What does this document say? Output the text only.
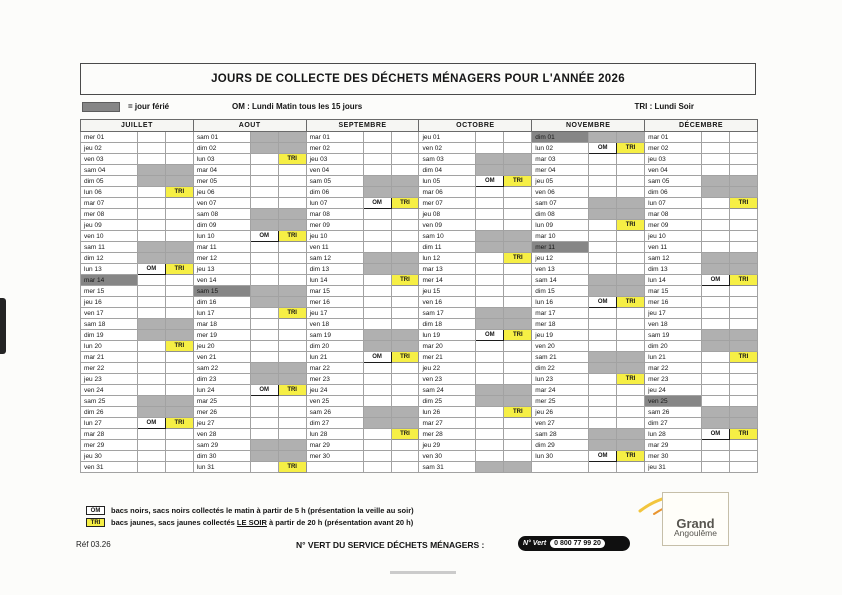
JOURS DE COLLECTE DES DÉCHETS MÉNAGERS POUR L'ANNÉE 2026
= jour férié	OM : Lundi Matin tous les 15 jours	TRI : Lundi Soir
JUILLET			AOUT			SEPTEMBRE			OCTOBRE			NOVEMBRE			DÉCEMBRE		
mer 01			sam 01			mar 01			jeu 01			dim 01			mar 01		
jeu 02			dim 02			mer 02			ven 02			lun 02	OM	TRI	mer 02		
ven 03			lun 03		TRI	jeu 03			sam 03			mar 03			jeu 03		
sam 04			mar 04			ven 04			dim 04			mer 04			ven 04		
dim 05			mer 05			sam 05			lun 05	OM	TRI	jeu 05			sam 05		
lun 06		TRI	jeu 06			dim 06			mar 06			ven 06			dim 06		
mar 07			ven 07			lun 07	OM	TRI	mer 07			sam 07			lun 07		TRI
mer 08			sam 08			mar 08			jeu 08			dim 08			mar 08		
jeu 09			dim 09			mer 09			ven 09			lun 09		TRI	mer 09		
ven 10			lun 10	OM	TRI	jeu 10			sam 10			mar 10			jeu 10		
sam 11			mar 11			ven 11			dim 11			mer 11			ven 11		
dim 12			mer 12			sam 12			lun 12		TRI	jeu 12			sam 12		
lun 13	OM	TRI	jeu 13			dim 13			mar 13			ven 13			dim 13		
mar 14			ven 14			lun 14		TRI	mer 14			sam 14			lun 14	OM	TRI
mer 15			sam 15			mar 15			jeu 15			dim 15			mar 15		
jeu 16			dim 16			mer 16			ven 16			lun 16	OM	TRI	mer 16		
ven 17			lun 17		TRI	jeu 17			sam 17			mar 17			jeu 17		
sam 18			mar 18			ven 18			dim 18			mer 18			ven 18		
dim 19			mer 19			sam 19			lun 19	OM	TRI	jeu 19			sam 19		
lun 20		TRI	jeu 20			dim 20			mar 20			ven 20			dim 20		
mar 21			ven 21			lun 21	OM	TRI	mer 21			sam 21			lun 21		TRI
mer 22			sam 22			mar 22			jeu 22			dim 22			mar 22		
jeu 23			dim 23			mer 23			ven 23			lun 23		TRI	mer 23		
ven 24			lun 24	OM	TRI	jeu 24			sam 24			mar 24			jeu 24		
sam 25			mar 25			ven 25			dim 25			mer 25			ven 25		
dim 26			mer 26			sam 26			lun 26		TRI	jeu 26			sam 26		
lun 27	OM	TRI	jeu 27			dim 27			mar 27			ven 27			dim 27		
mar 28			ven 28			lun 28		TRI	mer 28			sam 28			lun 28	OM	TRI
mer 29			sam 29			mar 29			jeu 29			dim 29			mar 29		
jeu 30			dim 30			mer 30			ven 30			lun 30	OM	TRI	mer 30		
ven 31			lun 31		TRI				sam 31						jeu 31		
OM	bacs noirs, sacs noirs collectés le matin à partir de 5 h (présentation la veille au soir)
TRI	bacs jaunes, sacs jaunes collectés LE SOIR à partir de 20 h (présentation avant 20 h)
Réf 03.26	N° VERT DU SERVICE DÉCHETS MÉNAGERS :	N° Vert	0 800 77 99 20
Grand
Angoulême
